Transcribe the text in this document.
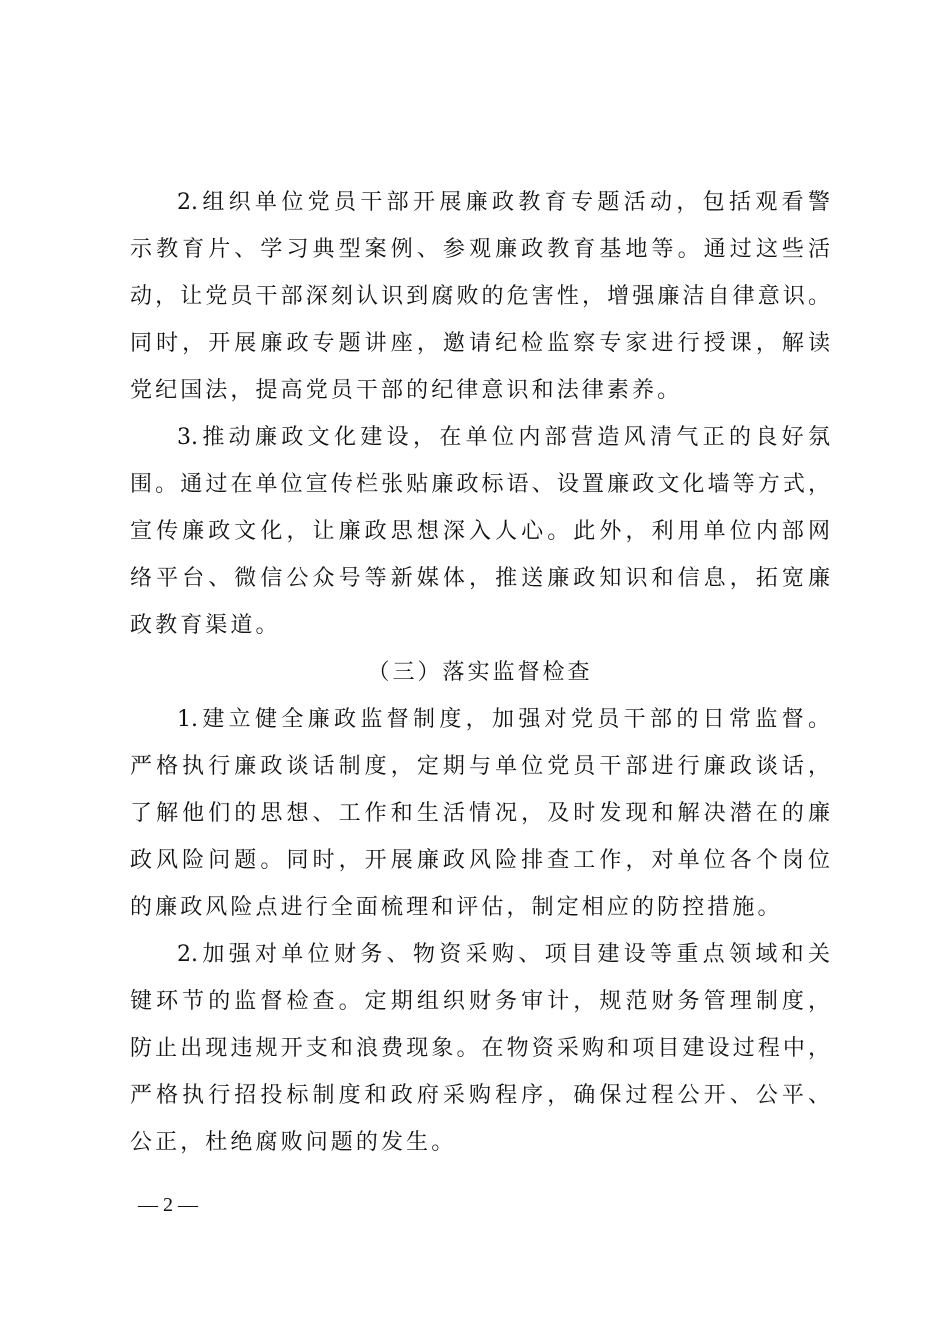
2.组织单位党员干部开展廉政教育专题活动，包括观看警
示教育片、学习典型案例、参观廉政教育基地等。通过这些活
动，让党员干部深刻认识到腐败的危害性，增强廉洁自律意识。
同时，开展廉政专题讲座，邀请纪检监察专家进行授课，解读
党纪国法，提高党员干部的纪律意识和法律素养。
3.推动廉政文化建设，在单位内部营造风清气正的良好氛
围。通过在单位宣传栏张贴廉政标语、设置廉政文化墙等方式，
宣传廉政文化，让廉政思想深入人心。此外，利用单位内部网
络平台、微信公众号等新媒体，推送廉政知识和信息，拓宽廉
政教育渠道。
（三）落实监督检查
1.建立健全廉政监督制度，加强对党员干部的日常监督。
严格执行廉政谈话制度，定期与单位党员干部进行廉政谈话，
了解他们的思想、工作和生活情况，及时发现和解决潜在的廉
政风险问题。同时，开展廉政风险排查工作，对单位各个岗位
的廉政风险点进行全面梳理和评估，制定相应的防控措施。
2.加强对单位财务、物资采购、项目建设等重点领域和关
键环节的监督检查。定期组织财务审计，规范财务管理制度，
防止出现违规开支和浪费现象。在物资采购和项目建设过程中，
严格执行招投标制度和政府采购程序，确保过程公开、公平、
公正，杜绝腐败问题的发生。
— 2 —
